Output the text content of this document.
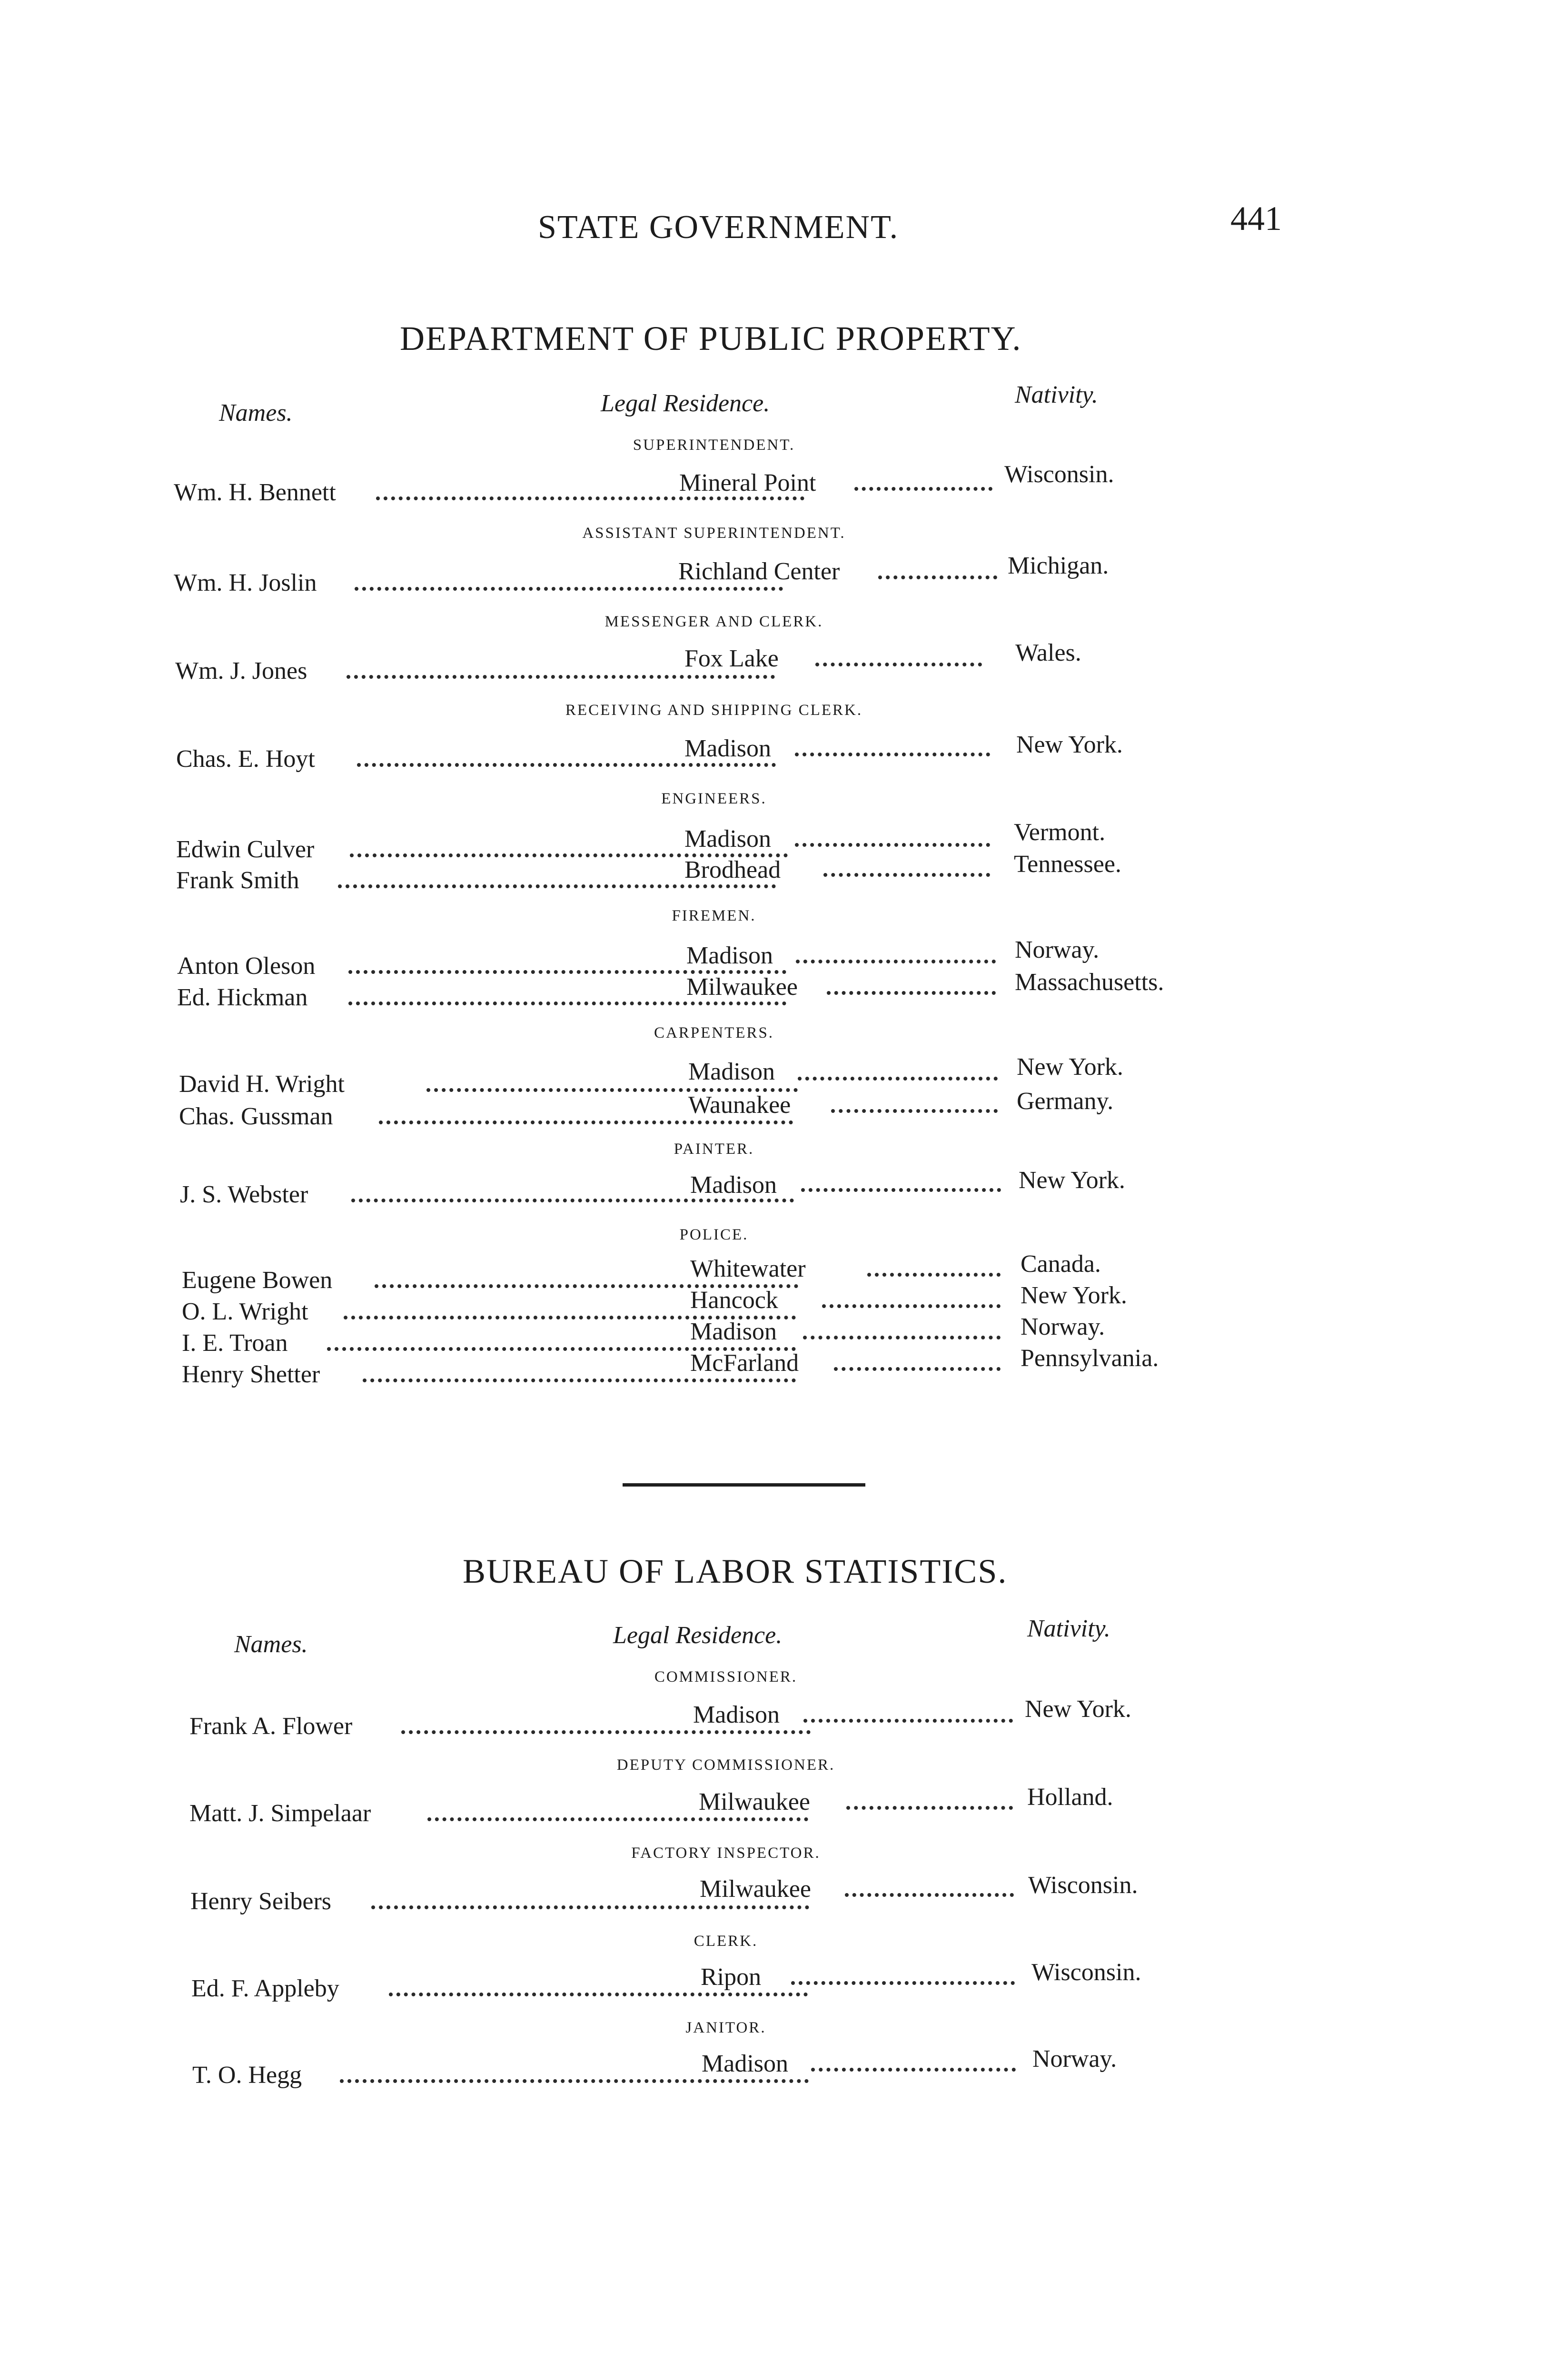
STATE GOVERNMENT.	441
DEPARTMENT OF PUBLIC PROPERTY.
Names.	Legal Residence.	Nativity.
SUPERINTENDENT.
Wm. H. Bennett	Mineral Point	Wisconsin.
ASSISTANT SUPERINTENDENT.
Wm. H. Joslin	Richland Center	Michigan.
MESSENGER AND CLERK.
Wm. J. Jones	Fox Lake	Wales.
RECEIVING AND SHIPPING CLERK.
Chas. E. Hoyt	Madison	New York.
ENGINEERS.
Edwin Culver	Madison	Vermont.
Frank Smith	Brodhead	Tennessee.
FIREMEN.
Anton Oleson	Madison	Norway.
Ed. Hickman	Milwaukee	Massachusetts.
CARPENTERS.
David H. Wright	Madison	New York.
Chas. Gussman	Waunakee	Germany.
PAINTER.
J. S. Webster	Madison	New York.
POLICE.
Eugene Bowen	Whitewater	Canada.
O. L. Wright	Hancock	New York.
I. E. Troan	Madison	Norway.
Henry Shetter	McFarland	Pennsylvania.
BUREAU OF LABOR STATISTICS.
Names.	Legal Residence.	Nativity.
COMMISSIONER.
Frank A. Flower	Madison	New York.
DEPUTY COMMISSIONER.
Matt. J. Simpelaar	Milwaukee	Holland.
FACTORY INSPECTOR.
Henry Seibers	Milwaukee	Wisconsin.
CLERK.
Ed. F. Appleby	Ripon	Wisconsin.
JANITOR.
T. O. Hegg	Madison	Norway.
